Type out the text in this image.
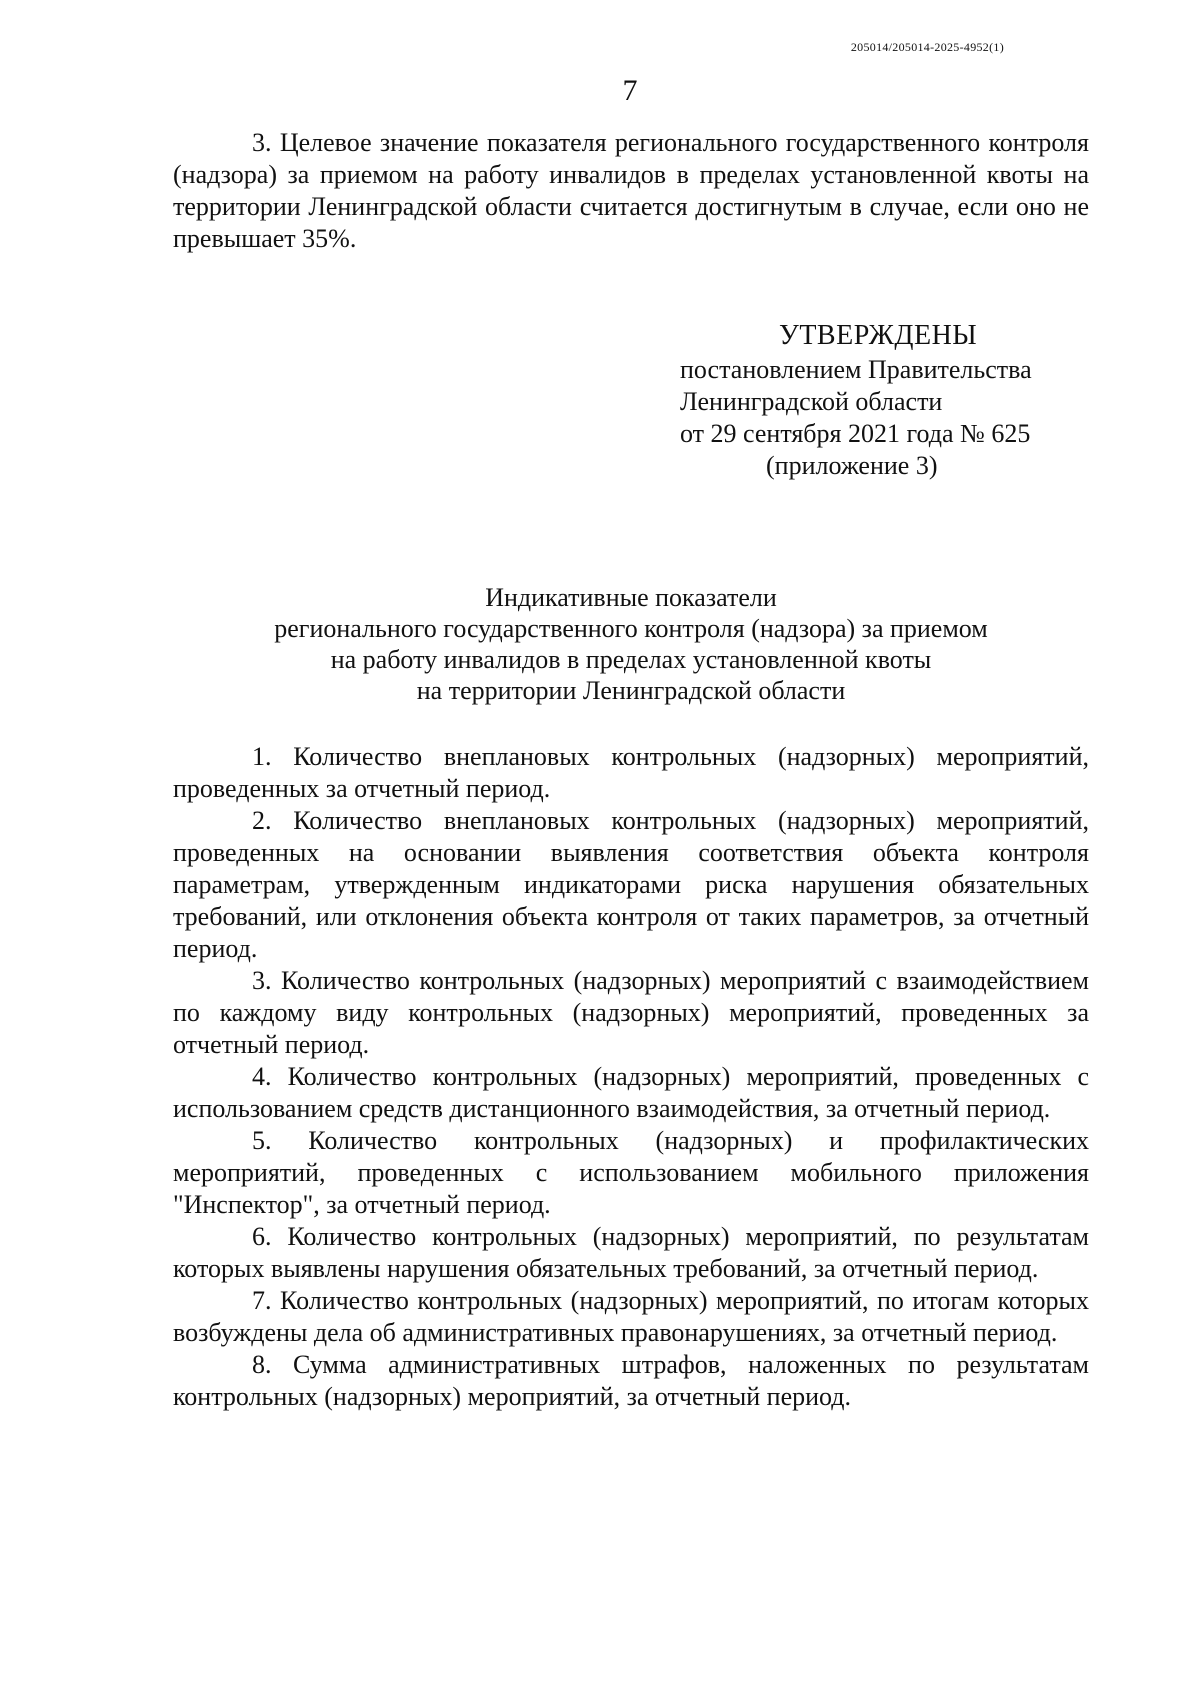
205014/205014-2025-4952(1)
7

3. Целевое значение показателя регионального государственного контроля (надзора) за приемом на работу инвалидов в пределах установленной квоты на территории Ленинградской области считается достигнутым в случае, если оно не превышает 35%.

УТВЕРЖДЕНЫ
постановлением Правительства
Ленинградской области
от 29 сентября 2021 года № 625
(приложение 3)
Индикативные показатели
регионального государственного контроля (надзора) за приемом
на работу инвалидов в пределах установленной квоты
на территории Ленинградской области

1. Количество внеплановых контрольных (надзорных) мероприятий, проведенных за отчетный период.

2. Количество внеплановых контрольных (надзорных) мероприятий, проведенных на основании выявления соответствия объекта контроля параметрам, утвержденным индикаторами риска нарушения обязательных требований, или отклонения объекта контроля от таких параметров, за отчетный период.

3. Количество контрольных (надзорных) мероприятий с взаимодействием по каждому виду контрольных (надзорных) мероприятий, проведенных за отчетный период.

4. Количество контрольных (надзорных) мероприятий, проведенных с использованием средств дистанционного взаимодействия, за отчетный период.

5. Количество контрольных (надзорных) и профилактических мероприятий, проведенных с использованием мобильного приложения "Инспектор", за отчетный период.

6. Количество контрольных (надзорных) мероприятий, по результатам которых выявлены нарушения обязательных требований, за отчетный период.

7. Количество контрольных (надзорных) мероприятий, по итогам которых возбуждены дела об административных правонарушениях, за отчетный период.

8. Сумма административных штрафов, наложенных по результатам контрольных (надзорных) мероприятий, за отчетный период.
